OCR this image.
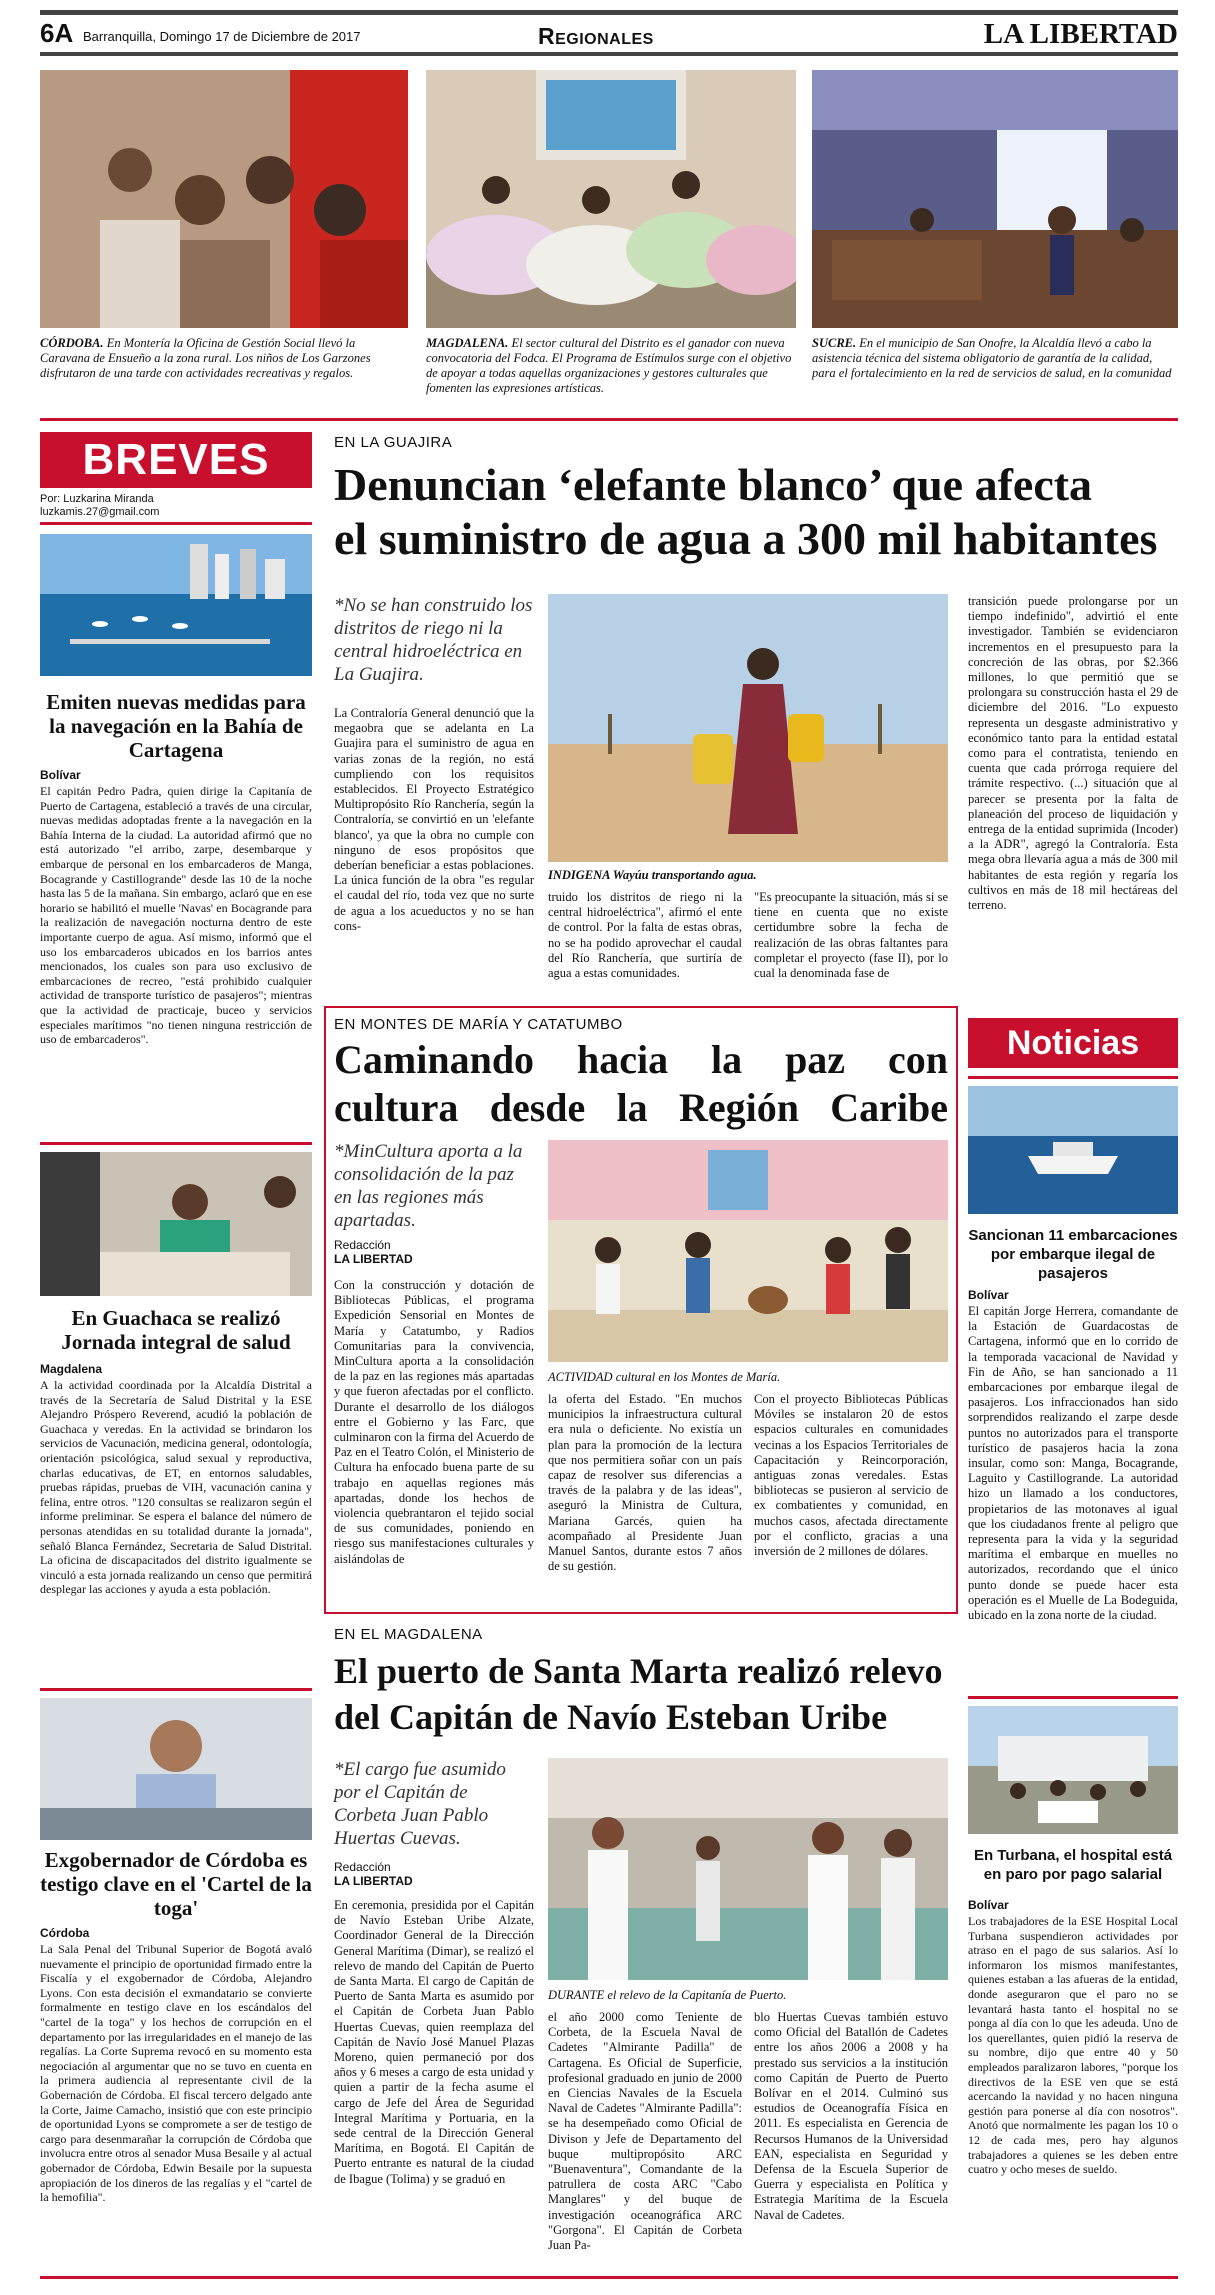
6A Barranquilla, Domingo 17 de Diciembre de 2017	Regionales	LA LIBERTAD
CÓRDOBA. En Montería la Oficina de Gestión Social llevó la Caravana de Ensueño a la zona rural. Los niños de Los Garzones disfrutaron de una tarde con actividades recreativas y regalos.
MAGDALENA. El sector cultural del Distrito es el ganador con nueva convocatoria del Fodca. El Programa de Estímulos surge con el objetivo de apoyar a todas aquellas organizaciones y gestores culturales que fomenten las expresiones artísticas.
SUCRE. En el municipio de San Onofre, la Alcaldía llevó a cabo la asistencia técnica del sistema obligatorio de garantía de la calidad, para el fortalecimiento en la red de servicios de salud, en la comunidad
BREVES
Por: Luzkarina Miranda
luzkamis.27@gmail.com
Emiten nuevas medidas para la navegación en la Bahía de Cartagena
Bolívar
El capitán Pedro Padra, quien dirige la Capitanía de Puerto de Cartagena, estableció a través de una circular, nuevas medidas adoptadas frente a la navegación en la Bahía Interna de la ciudad. La autoridad afirmó que no está autorizado "el arribo, zarpe, desembarque y embarque de personal en los embarcaderos de Manga, Bocagrande y Castillogrande" desde las 10 de la noche hasta las 5 de la mañana. Sin embargo, aclaró que en ese horario se habilitó el muelle 'Navas' en Bocagrande para la realización de navegación nocturna dentro de este importante cuerpo de agua. Así mismo, informó que el uso los embarcaderos ubicados en los barrios antes mencionados, los cuales son para uso exclusivo de embarcaciones de recreo, "está prohibido cualquier actividad de transporte turístico de pasajeros"; mientras que la actividad de practicaje, buceo y servicios especiales marítimos "no tienen ninguna restricción de uso de embarcaderos".
En Guachaca se realizó Jornada integral de salud
Magdalena
A la actividad coordinada por la Alcaldía Distrital a través de la Secretaría de Salud Distrital y la ESE Alejandro Próspero Reverend, acudió la población de Guachaca y veredas. En la actividad se brindaron los servicios de Vacunación, medicina general, odontología, orientación psicológica, salud sexual y reproductiva, charlas educativas, de ET, en entornos saludables, pruebas rápidas, pruebas de VIH, vacunación canina y felina, entre otros. "120 consultas se realizaron según el informe preliminar. Se espera el balance del número de personas atendidas en su totalidad durante la jornada", señaló Blanca Fernández, Secretaria de Salud Distrital. La oficina de discapacitados del distrito igualmente se vinculó a esta jornada realizando un censo que permitirá desplegar las acciones y ayuda a esta población.
Exgobernador de Córdoba es testigo clave en el 'Cartel de la toga'
Córdoba
La Sala Penal del Tribunal Superior de Bogotá avaló nuevamente el principio de oportunidad firmado entre la Fiscalía y el exgobernador de Córdoba, Alejandro Lyons. Con esta decisión el exmandatario se convierte formalmente en testigo clave en los escándalos del "cartel de la toga" y los hechos de corrupción en el departamento por las irregularidades en el manejo de las regalías. La Corte Suprema revocó en su momento esta negociación al argumentar que no se tuvo en cuenta en la primera audiencia al representante civil de la Gobernación de Córdoba. El fiscal tercero delgado ante la Corte, Jaime Camacho, insistió que con este principio de oportunidad Lyons se compromete a ser de testigo de cargo para desenmarañar la corrupción de Córdoba que involucra entre otros al senador Musa Besaile y al actual gobernador de Córdoba, Edwin Besaile por la supuesta apropiación de los dineros de las regalías y el "cartel de la hemofilia".
EN LA GUAJIRA
Denuncian ‘elefante blanco’ que afecta
el suministro de agua a 300 mil habitantes
*No se han construido los distritos de riego ni la central hidroeléctrica en La Guajira.
INDIGENA Wayúu transportando agua.
La Contraloría General denunció que la megaobra que se adelanta en La Guajira para el suministro de agua en varias zonas de la región, no está cumpliendo con los requisitos establecidos. El Proyecto Estratégico Multipropósito Río Ranchería, según la Contraloría, se convirtió en un 'elefante blanco', ya que la obra no cumple con ninguno de esos propósitos que deberían beneficiar a estas poblaciones. La única función de la obra "es regular el caudal del río, toda vez que no surte de agua a los acueductos y no se han cons-
truido los distritos de riego ni la central hidroeléctrica", afirmó el ente de control. Por la falta de estas obras, no se ha podido aprovechar el caudal del Río Ranchería, que surtiría de agua a estas comunidades.
"Es preocupante la situación, más si se tiene en cuenta que no existe certidumbre sobre la fecha de realización de las obras faltantes para completar el proyecto (fase II), por lo cual la denominada fase de
transición puede prolongarse por un tiempo indefinido", advirtió el ente investigador. También se evidenciaron incrementos en el presupuesto para la concreción de las obras, por $2.366 millones, lo que permitió que se prolongara su construcción hasta el 29 de diciembre del 2016. "Lo expuesto representa un desgaste administrativo y económico tanto para la entidad estatal como para el contratista, teniendo en cuenta que cada prórroga requiere del trámite respectivo. (...) situación que al parecer se presenta por la falta de planeación del proceso de liquidación y entrega de la entidad suprimida (Incoder) a la ADR", agregó la Contraloría. Esta mega obra llevaría agua a más de 300 mil habitantes de esta región y regaría los cultivos en más de 18 mil hectáreas del terreno.
EN MONTES DE MARÍA Y CATATUMBO
Caminando hacia la paz con
cultura desde la Región Caribe
*MinCultura aporta a la consolidación de la paz en las regiones más apartadas.
Redacción
LA LIBERTAD
ACTIVIDAD cultural en los Montes de María.
Con la construcción y dotación de Bibliotecas Públicas, el programa Expedición Sensorial en Montes de María y Catatumbo, y Radios Comunitarias para la convivencia, MinCultura aporta a la consolidación de la paz en las regiones más apartadas y que fueron afectadas por el conflicto. Durante el desarrollo de los diálogos entre el Gobierno y las Farc, que culminaron con la firma del Acuerdo de Paz en el Teatro Colón, el Ministerio de Cultura ha enfocado buena parte de su trabajo en aquellas regiones más apartadas, donde los hechos de violencia quebrantaron el tejido social de sus comunidades, poniendo en riesgo sus manifestaciones culturales y aislándolas de
la oferta del Estado. "En muchos municipios la infraestructura cultural era nula o deficiente. No existía un plan para la promoción de la lectura que nos permitiera soñar con un país capaz de resolver sus diferencias a través de la palabra y de las ideas", aseguró la Ministra de Cultura, Mariana Garcés, quien ha acompañado al Presidente Juan Manuel Santos, durante estos 7 años de su gestión.
Con el proyecto Bibliotecas Públicas Móviles se instalaron 20 de estos espacios culturales en comunidades vecinas a los Espacios Territoriales de Capacitación y Reincorporación, antiguas zonas veredales. Estas bibliotecas se pusieron al servicio de ex combatientes y comunidad, en muchos casos, afectada directamente por el conflicto, gracias a una inversión de 2 millones de dólares.
EN EL MAGDALENA
El puerto de Santa Marta realizó relevo
del Capitán de Navío Esteban Uribe
*El cargo fue asumido por el Capitán de Corbeta Juan Pablo Huertas Cuevas.
Redacción
LA LIBERTAD
DURANTE el relevo de la Capitanía de Puerto.
En ceremonia, presidida por el Capitán de Navío Esteban Uribe Alzate, Coordinador General de la Dirección General Marítima (Dimar), se realizó el relevo de mando del Capitán de Puerto de Santa Marta. El cargo de Capitán de Puerto de Santa Marta es asumido por el Capitán de Corbeta Juan Pablo Huertas Cuevas, quien reemplaza del Capitán de Navío José Manuel Plazas Moreno, quien permaneció por dos años y 6 meses a cargo de esta unidad y quien a partir de la fecha asume el cargo de Jefe del Área de Seguridad Integral Marítima y Portuaria, en la sede central de la Dirección General Marítima, en Bogotá. El Capitán de Puerto entrante es natural de la ciudad de Ibague (Tolima) y se graduó en
el año 2000 como Teniente de Corbeta, de la Escuela Naval de Cadetes "Almirante Padilla" de Cartagena. Es Oficial de Superficie, profesional graduado en junio de 2000 en Ciencias Navales de la Escuela Naval de Cadetes "Almirante Padilla": se ha desempeñado como Oficial de Divison y Jefe de Departamento del buque multipropósito ARC "Buenaventura", Comandante de la patrullera de costa ARC "Cabo Manglares" y del buque de investigación oceanográfica ARC "Gorgona". El Capitán de Corbeta Juan Pa-
blo Huertas Cuevas también estuvo como Oficial del Batallón de Cadetes entre los años 2006 a 2008 y ha prestado sus servicios a la institución como Capitán de Puerto de Puerto Bolívar en el 2014. Culminó sus estudios de Oceanografía Física en 2011. Es especialista en Gerencia de Recursos Humanos de la Universidad EAN, especialista en Seguridad y Defensa de la Escuela Superior de Guerra y especialista en Política y Estrategia Marítima de la Escuela Naval de Cadetes.
Noticias
Sancionan 11 embarcaciones por embarque ilegal de pasajeros
Bolívar
El capitán Jorge Herrera, comandante de la Estación de Guardacostas de Cartagena, informó que en lo corrido de la temporada vacacional de Navidad y Fin de Año, se han sancionado a 11 embarcaciones por embarque ilegal de pasajeros. Los infraccionados han sido sorprendidos realizando el zarpe desde puntos no autorizados para el transporte turístico de pasajeros hacia la zona insular, como son: Manga, Bocagrande, Laguito y Castillogrande. La autoridad hizo un llamado a los conductores, propietarios de las motonaves al igual que los ciudadanos frente al peligro que representa para la vida y la seguridad marítima el embarque en muelles no autorizados, recordando que el único punto donde se puede hacer esta operación es el Muelle de La Bodeguida, ubicado en la zona norte de la ciudad.
En Turbana, el hospital está en paro por pago salarial
Bolívar
Los trabajadores de la ESE Hospital Local Turbana suspendieron actividades por atraso en el pago de sus salarios. Así lo informaron los mismos manifestantes, quienes estaban a las afueras de la entidad, donde aseguraron que el paro no se levantará hasta tanto el hospital no se ponga al día con lo que les adeuda. Uno de los querellantes, quien pidió la reserva de su nombre, dijo que entre 40 y 50 empleados paralizaron labores, "porque los directivos de la ESE ven que se está acercando la navidad y no hacen ninguna gestión para ponerse al día con nosotros". Anotó que normalmente les pagan los 10 o 12 de cada mes, pero hay algunos trabajadores a quienes se les deben entre cuatro y ocho meses de sueldo.
